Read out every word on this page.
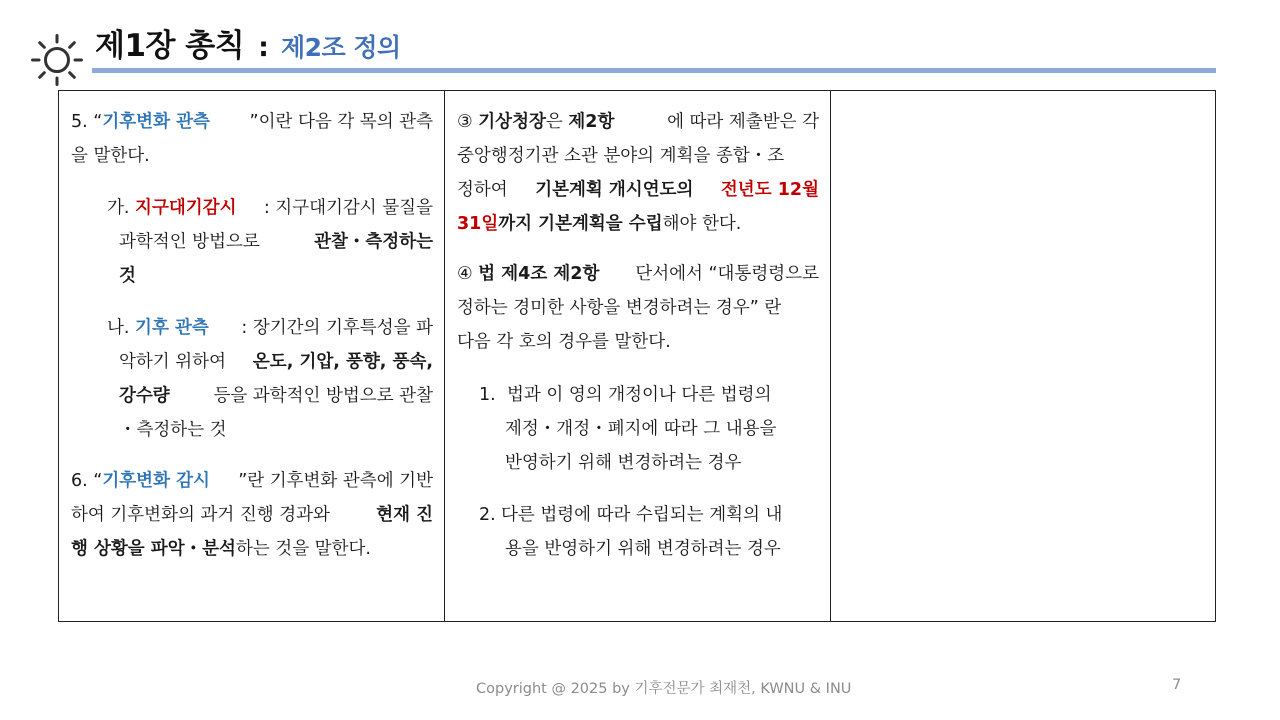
제1장 총칙 : 제2조 정의
5. “기후변화 관측 ”이란 다음 각 목의 관측
을 말한다.
가. 지구대기감시 : 지구대기감시 물질을
과학적인 방법으로	관찰・측정하는
것
나. 기후 관측 : 장기간의 기후특성을 파
악하기 위하여 온도, 기압, 풍향, 풍속,
강수량 등을 과학적인 방법으로 관찰
・측정하는 것
6. “기후변화 감시 ”란 기후변화 관측에 기반
하여 기후변화의 과거 진행 경과와	현재 진
행 상황을 파악・분석하는 것을 말한다.
③ 기상청장은 제2항	에 따라 제출받은 각
중앙행정기관 소관 분야의 계획을 종합・조
정하여 기본계획 개시연도의 전년도 12월
31일까지 기본계획을 수립해야 한다.
④ 법 제4조 제2항 단서에서 “대통령령으로
정하는 경미한 사항을 변경하려는 경우” 란
다음 각 호의 경우를 말한다.
1. 법과 이 영의 개정이나 다른 법령의
제정・개정・폐지에 따라 그 내용을
반영하기 위해 변경하려는 경우
2. 다른 법령에 따라 수립되는 계획의 내
용을 반영하기 위해 변경하려는 경우
Copyright @ 2025 by 기후전문가 최재천, KWNU & INU	7
